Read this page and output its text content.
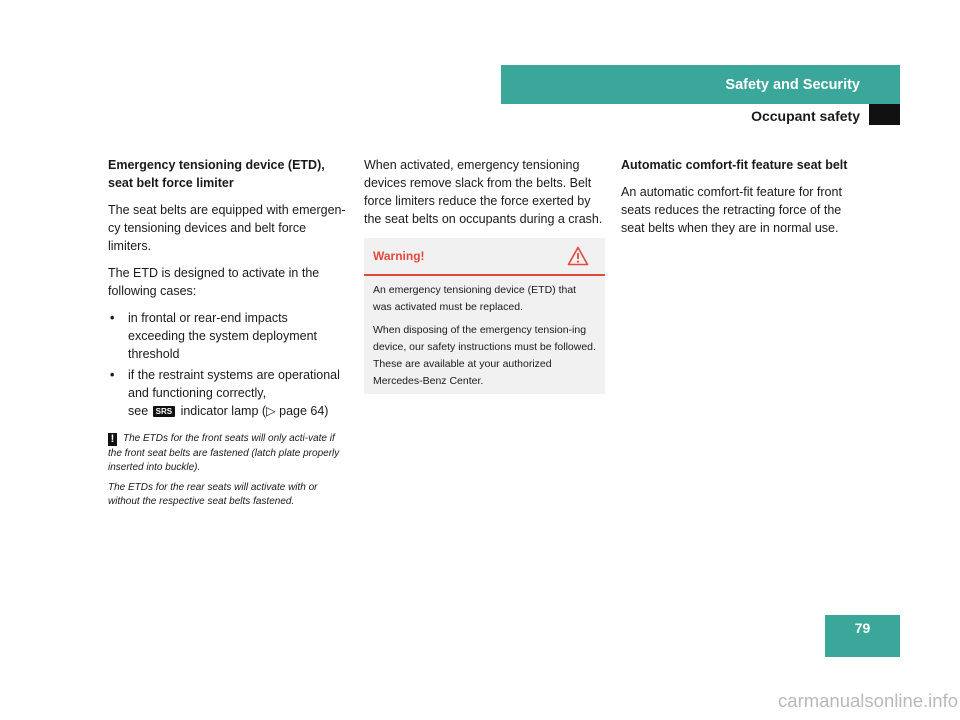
Safety and Security
Occupant safety

Emergency tensioning device (ETD), seat belt force limiter

The seat belts are equipped with emergen-cy tensioning devices and belt force limiters.

The ETD is designed to activate in the following cases:

• in frontal or rear-end impacts exceeding the system deployment threshold
• if the restraint systems are operational and functioning correctly,
see SRS indicator lamp (▷ page 64)

! The ETDs for the front seats will only acti-vate if the front seat belts are fastened (latch plate properly inserted into buckle).

The ETDs for the rear seats will activate with or without the respective seat belts fastened.

When activated, emergency tensioning devices remove slack from the belts. Belt force limiters reduce the force exerted by the seat belts on occupants during a crash.

Warning!

An emergency tensioning device (ETD) that was activated must be replaced.

When disposing of the emergency tension-ing device, our safety instructions must be followed. These are available at your authorized Mercedes-Benz Center.

Automatic comfort-fit feature seat belt

An automatic comfort-fit feature for front seats reduces the retracting force of the seat belts when they are in normal use.

79
carmanualsonline.info
